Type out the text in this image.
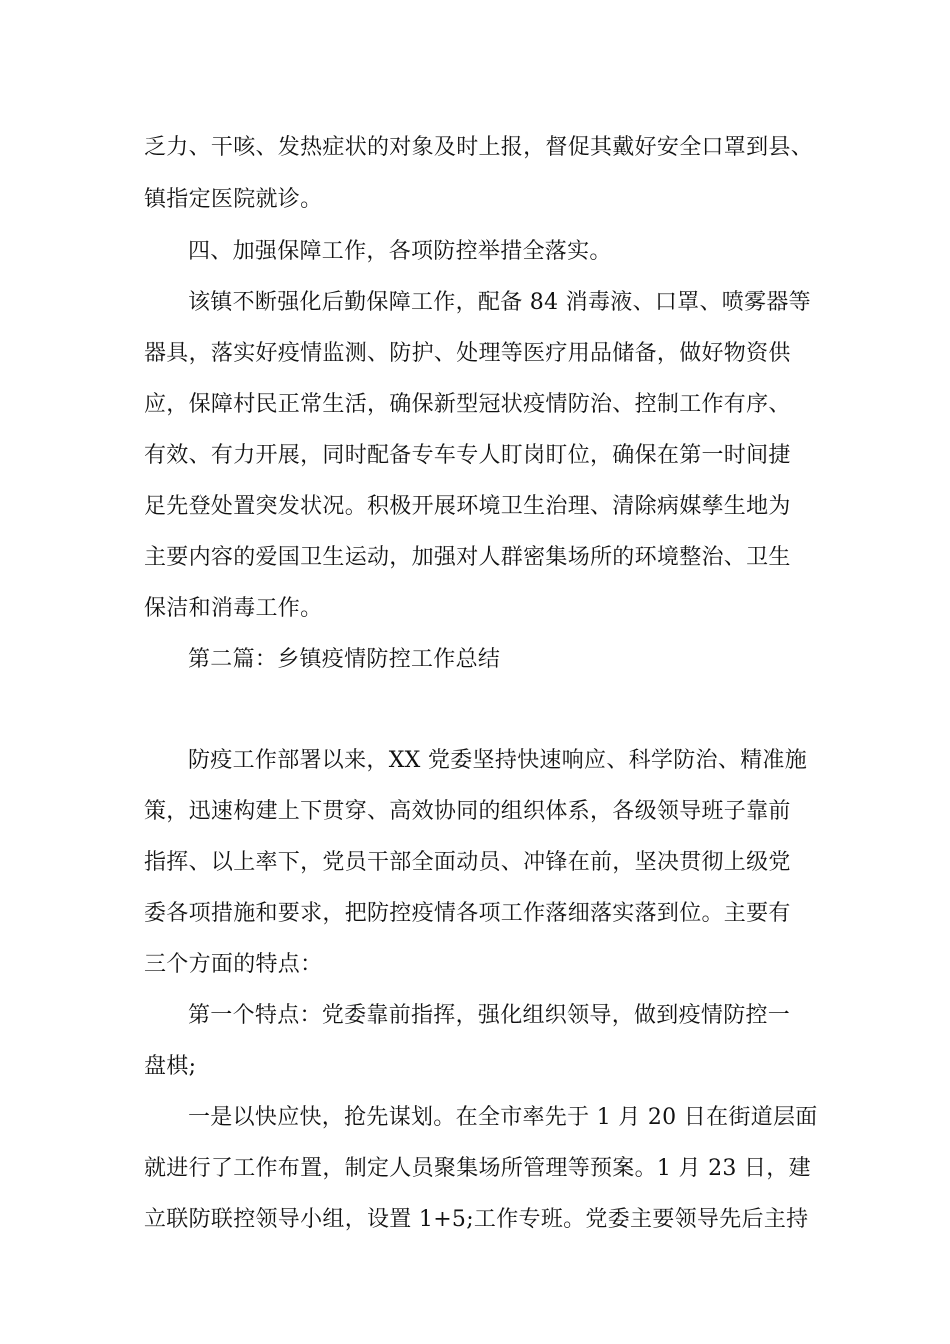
乏力、干咳、发热症状的对象及时上报，督促其戴好安全口罩到县、
镇指定医院就诊。
四、加强保障工作，各项防控举措全落实。
该镇不断强化后勤保障工作，配备 84 消毒液、口罩、喷雾器等
器具，落实好疫情监测、防护、处理等医疗用品储备，做好物资供
应，保障村民正常生活，确保新型冠状疫情防治、控制工作有序、
有效、有力开展，同时配备专车专人盯岗盯位，确保在第一时间捷
足先登处置突发状况。积极开展环境卫生治理、清除病媒孳生地为
主要内容的爱国卫生运动，加强对人群密集场所的环境整治、卫生
保洁和消毒工作。
第二篇：乡镇疫情防控工作总结
防疫工作部署以来，XX 党委坚持快速响应、科学防治、精准施
策，迅速构建上下贯穿、高效协同的组织体系，各级领导班子靠前
指挥、以上率下，党员干部全面动员、冲锋在前，坚决贯彻上级党
委各项措施和要求，把防控疫情各项工作落细落实落到位。主要有
三个方面的特点：
第一个特点：党委靠前指挥，强化组织领导，做到疫情防控一
盘棋;
一是以快应快，抢先谋划。在全市率先于 1 月 20 日在街道层面
就进行了工作布置，制定人员聚集场所管理等预案。1 月 23 日，建
立联防联控领导小组，设置 1+5;工作专班。党委主要领导先后主持
